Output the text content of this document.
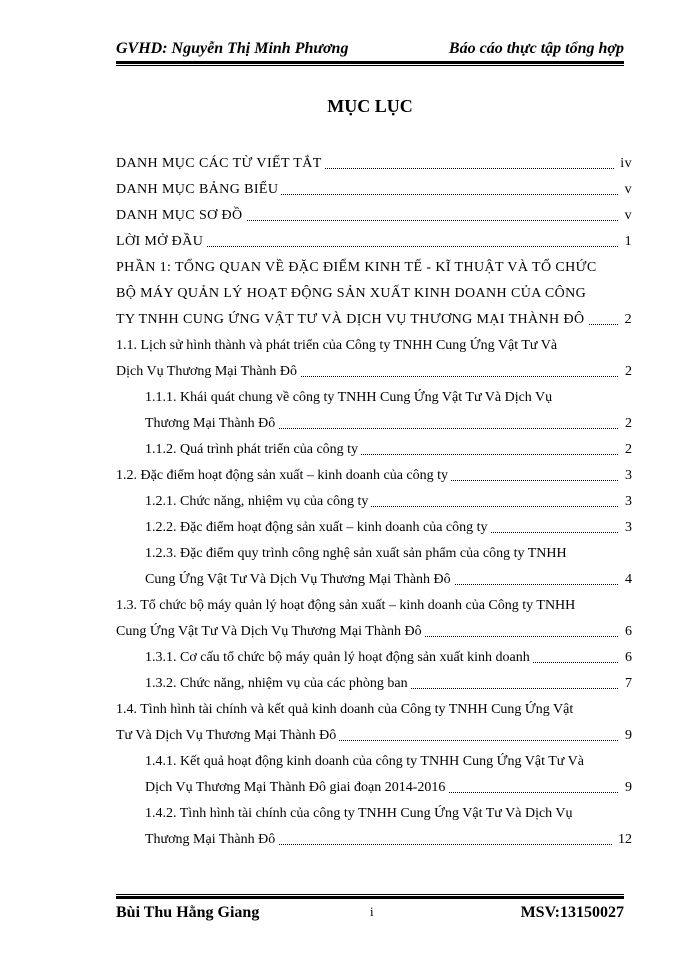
GVHD: Nguyễn Thị Minh Phương	Báo cáo thực tập tổng hợp
MỤC LỤC
DANH MỤC CÁC TỪ VIẾT TẮT	iv
DANH MỤC BẢNG BIỂU	v
DANH MỤC SƠ ĐỒ	v
LỜI MỞ ĐẦU	1
PHẦN 1: TỔNG QUAN VỀ ĐẶC ĐIỂM KINH TẾ - KĨ THUẬT VÀ TỔ CHỨC
BỘ MÁY QUẢN LÝ HOẠT ĐỘNG SẢN XUẤT KINH DOANH CỦA CÔNG
TY TNHH CUNG ỨNG VẬT TƯ VÀ DỊCH VỤ THƯƠNG MẠI THÀNH ĐÔ	2
1.1. Lịch sử hình thành và phát triển của Công ty TNHH Cung Ứng Vật Tư Và
Dịch Vụ Thương Mại Thành Đô	2
1.1.1. Khái quát chung về công ty TNHH Cung Ứng Vật Tư Và Dịch Vụ
Thương Mại Thành Đô	2
1.1.2. Quá trình phát triển của công ty	2
1.2. Đặc điểm hoạt động sản xuất – kinh doanh của công ty	3
1.2.1. Chức năng, nhiệm vụ của công ty	3
1.2.2. Đặc điểm hoạt động sản xuất – kinh doanh của công ty	3
1.2.3. Đặc điểm quy trình công nghệ sản xuất sản phẩm của công ty TNHH
Cung Ứng Vật Tư Và Dịch Vụ Thương Mại Thành Đô	4
1.3. Tổ chức bộ máy quản lý hoạt động sản xuất – kinh doanh của Công ty TNHH
Cung Ứng Vật Tư Và Dịch Vụ Thương Mại Thành Đô	6
1.3.1. Cơ cấu tổ chức bộ máy quản lý hoạt động sản xuất kinh doanh	6
1.3.2. Chức năng, nhiệm vụ của các phòng ban	7
1.4. Tình hình tài chính và kết quả kinh doanh của Công ty TNHH Cung Ứng Vật
Tư Và Dịch Vụ Thương Mại Thành Đô	9
1.4.1. Kết quả hoạt động kinh doanh của công ty TNHH Cung Ứng Vật Tư Và
Dịch Vụ Thương Mại Thành Đô giai đoạn 2014-2016	9
1.4.2. Tình hình tài chính của công ty TNHH Cung Ứng Vật Tư Và Dịch Vụ
Thương Mại Thành Đô	12
Bùi Thu Hằng Giang	i	MSV:13150027
